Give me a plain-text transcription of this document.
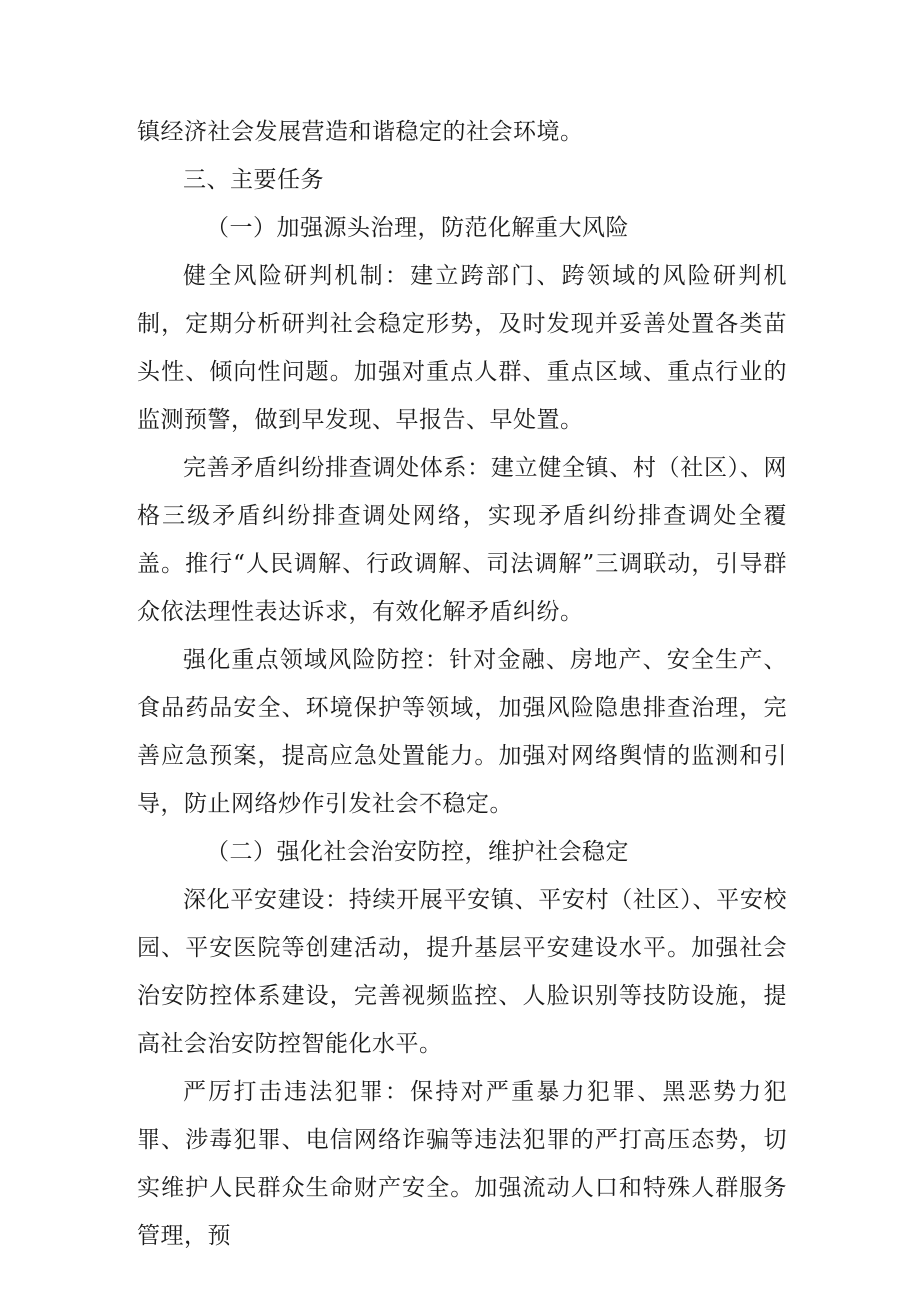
镇经济社会发展营造和谐稳定的社会环境。

三、主要任务

（一）加强源头治理，防范化解重大风险

健全风险研判机制：建立跨部门、跨领域的风险研判机制，定期分析研判社会稳定形势，及时发现并妥善处置各类苗头性、倾向性问题。加强对重点人群、重点区域、重点行业的监测预警，做到早发现、早报告、早处置。

完善矛盾纠纷排查调处体系：建立健全镇、村（社区）、网格三级矛盾纠纷排查调处网络，实现矛盾纠纷排查调处全覆盖。推行“人民调解、行政调解、司法调解”三调联动，引导群众依法理性表达诉求，有效化解矛盾纠纷。

强化重点领域风险防控：针对金融、房地产、安全生产、食品药品安全、环境保护等领域，加强风险隐患排查治理，完善应急预案，提高应急处置能力。加强对网络舆情的监测和引导，防止网络炒作引发社会不稳定。

（二）强化社会治安防控，维护社会稳定

深化平安建设：持续开展平安镇、平安村（社区）、平安校园、平安医院等创建活动，提升基层平安建设水平。加强社会治安防控体系建设，完善视频监控、人脸识别等技防设施，提高社会治安防控智能化水平。

严厉打击违法犯罪：保持对严重暴力犯罪、黑恶势力犯罪、涉毒犯罪、电信网络诈骗等违法犯罪的严打高压态势，切实维护人民群众生命财产安全。加强流动人口和特殊人群服务管理，预
